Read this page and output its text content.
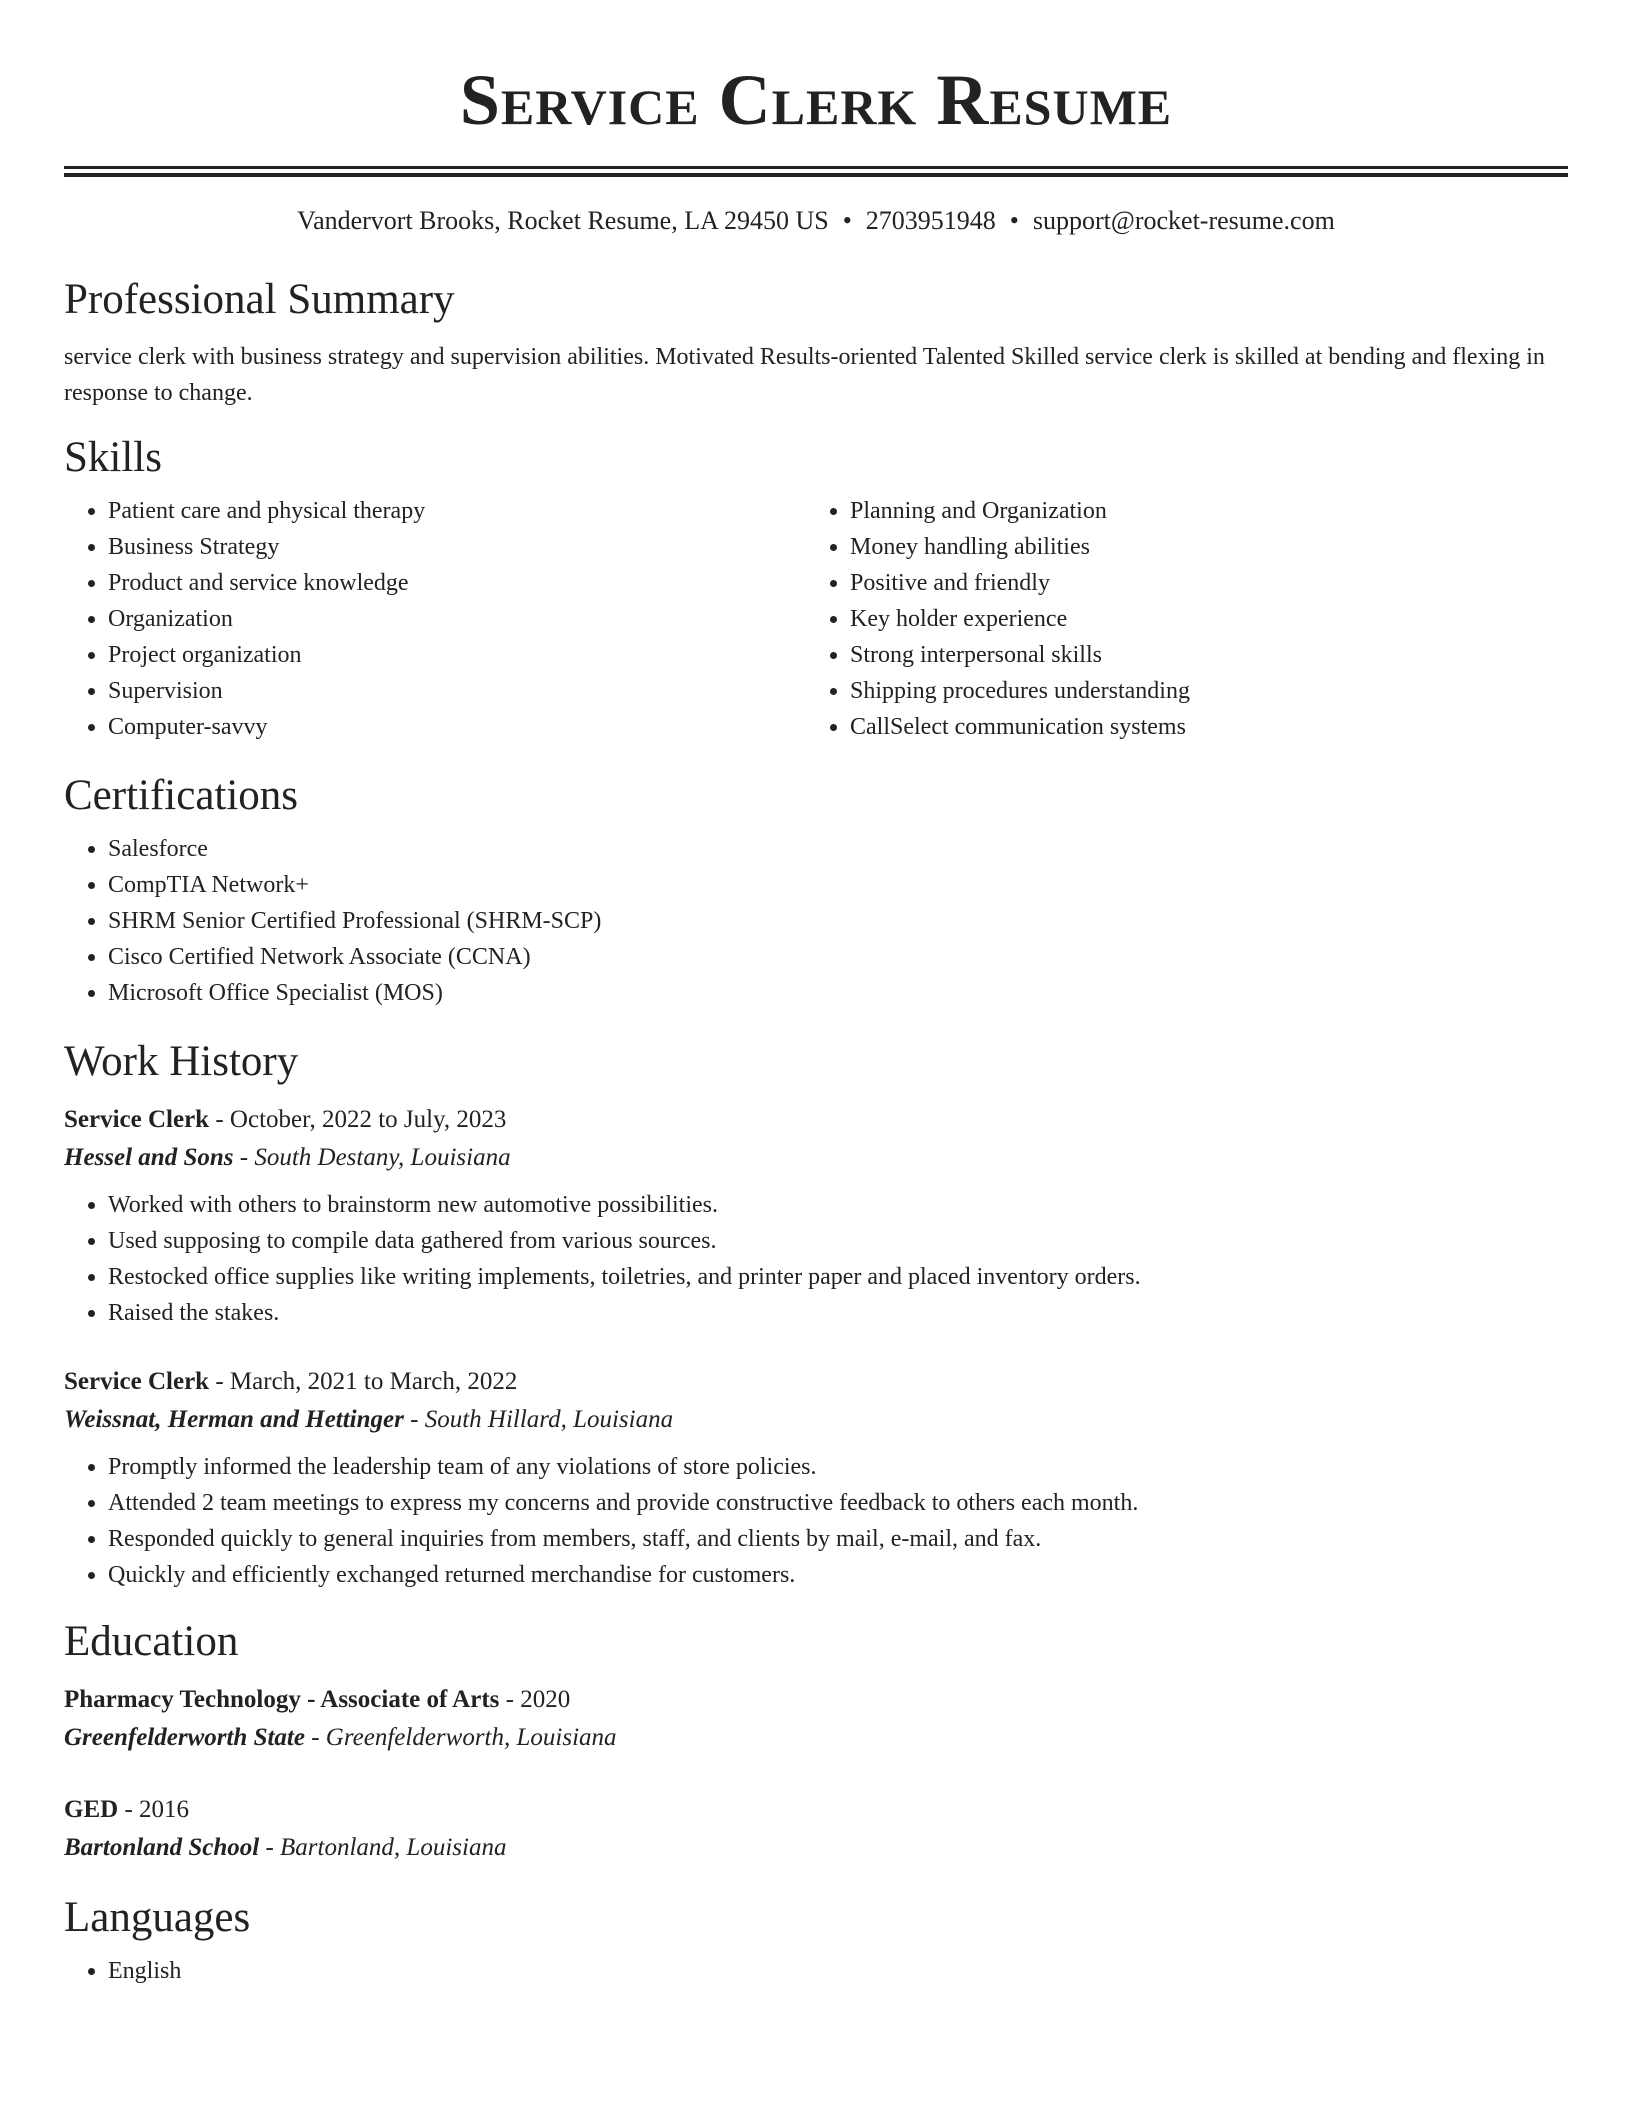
Service Clerk Resume
Vandervort Brooks, Rocket Resume, LA 29450 US • 2703951948 • support@rocket-resume.com
Professional Summary

service clerk with business strategy and supervision abilities. Motivated Results-oriented Talented Skilled service clerk is skilled at bending and flexing in response to change.

Skills
• Patient care and physical therapy
• Business Strategy
• Product and service knowledge
• Organization
• Project organization
• Supervision
• Computer-savvy
• Planning and Organization
• Money handling abilities
• Positive and friendly
• Key holder experience
• Strong interpersonal skills
• Shipping procedures understanding
• CallSelect communication systems
Certifications
• Salesforce
• CompTIA Network+
• SHRM Senior Certified Professional (SHRM-SCP)
• Cisco Certified Network Associate (CCNA)
• Microsoft Office Specialist (MOS)
Work History

Service Clerk - October, 2022 to July, 2023

Hessel and Sons - South Destany, Louisiana

• Worked with others to brainstorm new automotive possibilities.
• Used supposing to compile data gathered from various sources.
• Restocked office supplies like writing implements, toiletries, and printer paper and placed inventory orders.
• Raised the stakes.

Service Clerk - March, 2021 to March, 2022

Weissnat, Herman and Hettinger - South Hillard, Louisiana

• Promptly informed the leadership team of any violations of store policies.
• Attended 2 team meetings to express my concerns and provide constructive feedback to others each month.
• Responded quickly to general inquiries from members, staff, and clients by mail, e-mail, and fax.
• Quickly and efficiently exchanged returned merchandise for customers.
Education

Pharmacy Technology - Associate of Arts - 2020

Greenfelderworth State - Greenfelderworth, Louisiana

GED - 2016

Bartonland School - Bartonland, Louisiana

Languages
• English
